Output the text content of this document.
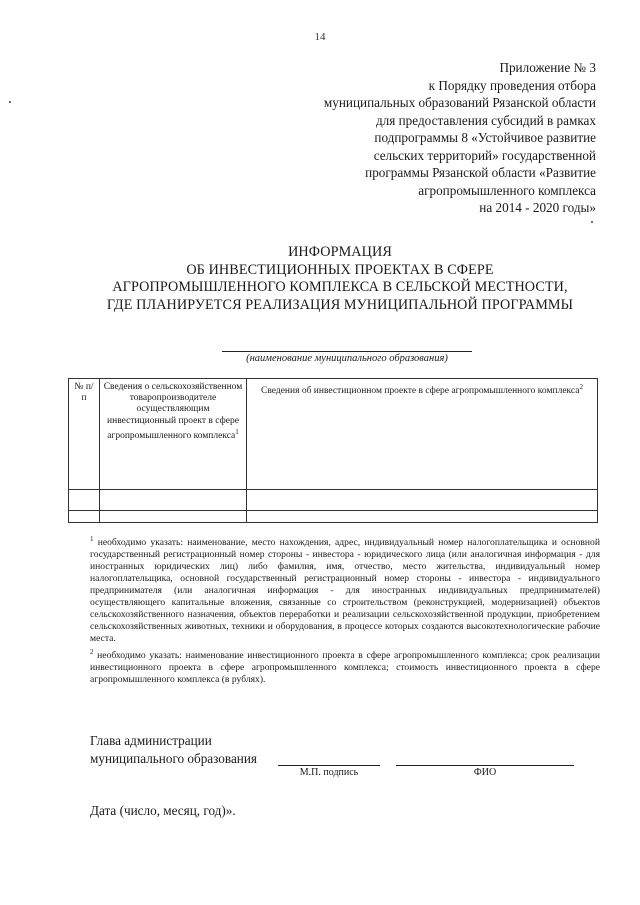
14
Приложение № 3
к Порядку проведения отбора
муниципальных образований Рязанской области
для предоставления субсидий в рамках
подпрограммы 8 «Устойчивое развитие
сельских территорий» государственной
программы Рязанской области «Развитие
агропромышленного комплекса
на 2014 - 2020 годы»
ИНФОРМАЦИЯ
ОБ ИНВЕСТИЦИОННЫХ ПРОЕКТАХ В СФЕРЕ
АГРОПРОМЫШЛЕННОГО КОМПЛЕКСА В СЕЛЬСКОЙ МЕСТНОСТИ,
ГДЕ ПЛАНИРУЕТСЯ РЕАЛИЗАЦИЯ МУНИЦИПАЛЬНОЙ ПРОГРАММЫ
(наименование муниципального образования)
№ п/п	Сведения о сельскохозяйственном товаропроизводителе осуществляющим инвестиционный проект в сфере агропромышленного комплекса$^1$	Сведения об инвестиционном проекте в сфере агропромышленного комплекса$^2$

$^1$ необходимо указать: наименование, место нахождения, адрес, индивидуальный номер налогоплательщика и основной государственный регистрационный номер стороны - инвестора - юридического лица (или аналогичная информация - для иностранных юридических лиц) либо фамилия, имя, отчество, место жительства, индивидуальный номер налогоплательщика, основной государственный регистрационный номер стороны - инвестора - индивидуального предпринимателя (или аналогичная информация - для иностранных индивидуальных предпринимателей) осуществляющего капитальные вложения, связанные со строительством (реконструкцией, модернизацией) объектов сельскохозяйственного назначения, объектов переработки и реализации сельскохозяйственной продукции, приобретением сельскохозяйственных животных, техники и оборудования, в процессе которых создаются высокотехнологические рабочие места.

$^2$ необходимо указать: наименование инвестиционного проекта в сфере агропромышленного комплекса; срок реализации инвестиционного проекта в сфере агропромышленного комплекса; стоимость инвестиционного проекта в сфере агропромышленного комплекса (в рублях).

Глава администрации
муниципального образования
М.П. подпись	ФИО
Дата (число, месяц, год)».
